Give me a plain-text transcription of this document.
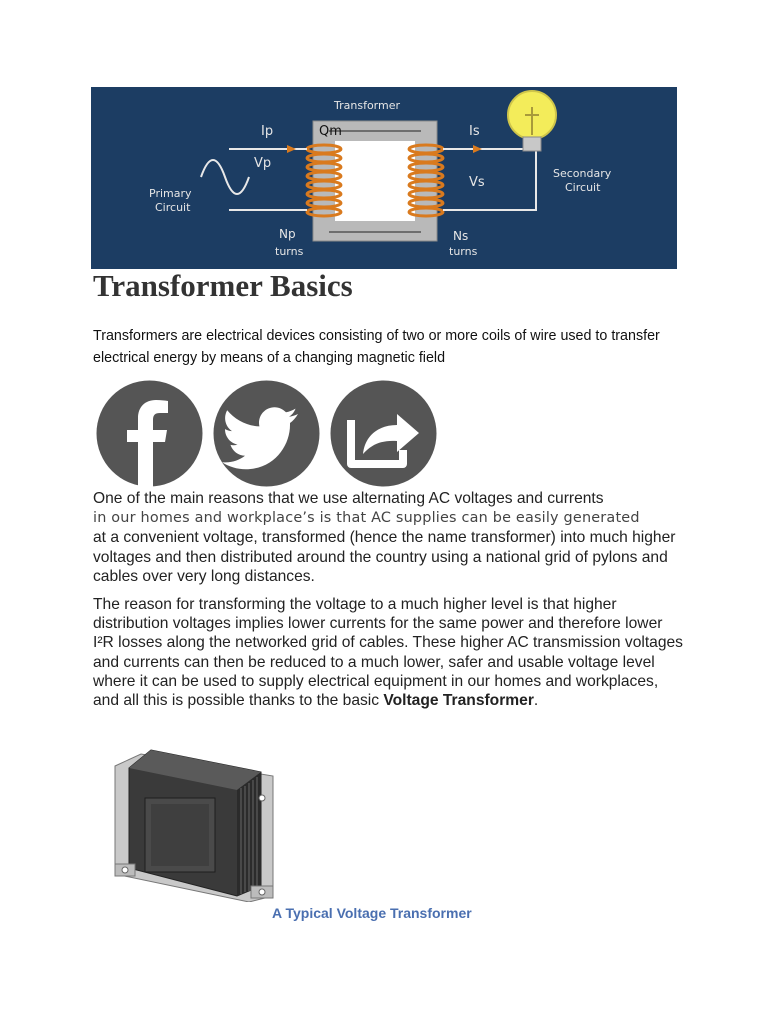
Transformer
Qm
Ip	Is
Vp
Vs
Primary
Circuit
Secondary
Circuit
Np
turns
Ns
turns
Transformer Basics

Transformers are electrical devices consisting of two or more coils of wire used to transfer electrical energy by means of a changing magnetic field

One of the main reasons that we use alternating AC voltages and currents
in our homes and workplace’s is that AC supplies can be easily generated
at a convenient voltage, transformed (hence the name transformer) into much higher voltages and then distributed around the country using a national grid of pylons and cables over very long distances.

The reason for transforming the voltage to a much higher level is that higher distribution voltages implies lower currents for the same power and therefore lower I²R losses along the networked grid of cables. These higher AC transmission voltages and currents can then be reduced to a much lower, safer and usable voltage level where it can be used to supply electrical equipment in our homes and workplaces, and all this is possible thanks to the basic Voltage Transformer.

A Typical Voltage Transformer
